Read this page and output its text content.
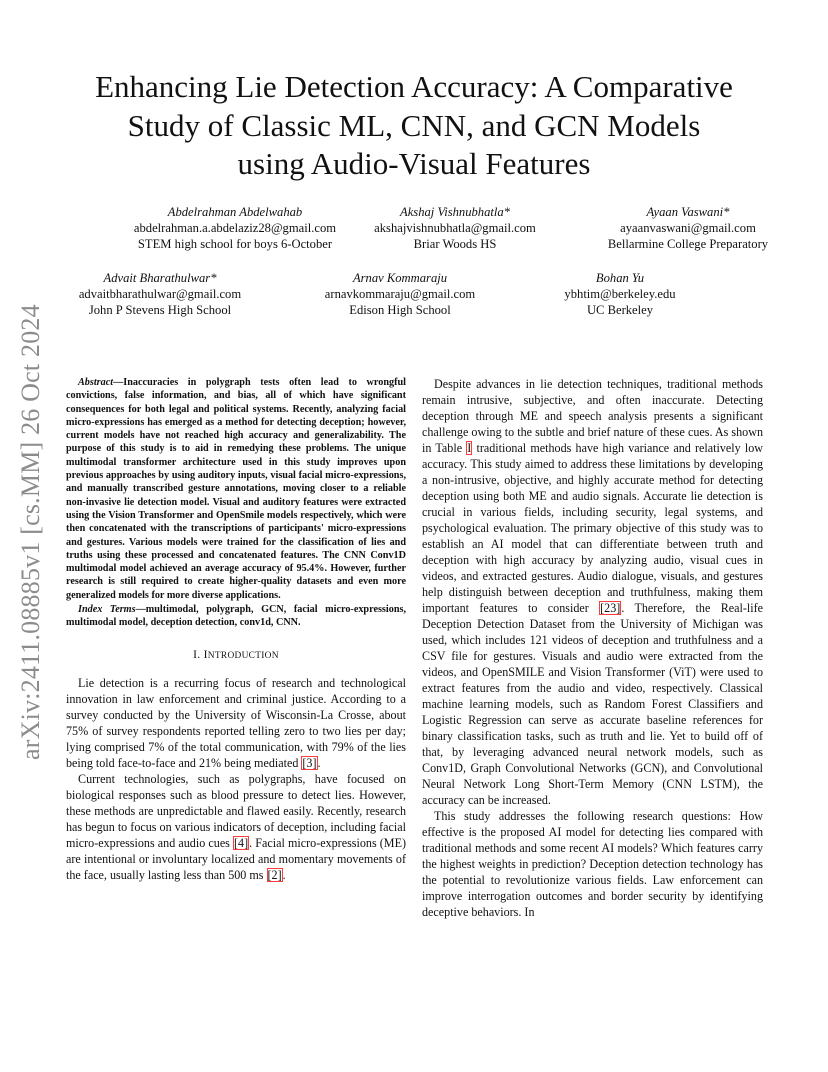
arXiv:2411.08885v1 [cs.MM] 26 Oct 2024
Enhancing Lie Detection Accuracy: A Comparative
Study of Classic ML, CNN, and GCN Models
using Audio-Visual Features
Abdelrahman Abdelwahab
abdelrahman.a.abdelaziz28@gmail.com
STEM high school for boys 6-October
Akshaj Vishnubhatla*
akshajvishnubhatla@gmail.com
Briar Woods HS
Ayaan Vaswani*
ayaanvaswani@gmail.com
Bellarmine College Preparatory
Advait Bharathulwar*
advaitbharathulwar@gmail.com
John P Stevens High School
Arnav Kommaraju
arnavkommaraju@gmail.com
Edison High School
Bohan Yu
ybhtim@berkeley.edu
UC Berkeley

Abstract—Inaccuracies in polygraph tests often lead to wrongful convictions, false information, and bias, all of which have significant consequences for both legal and political systems. Recently, analyzing facial micro-expressions has emerged as a method for detecting deception; however, current models have not reached high accuracy and generalizability. The purpose of this study is to aid in remedying these problems. The unique multimodal transformer architecture used in this study improves upon previous approaches by using auditory inputs, visual facial micro-expressions, and manually transcribed gesture annotations, moving closer to a reliable non-invasive lie detection model. Visual and auditory features were extracted using the Vision Transformer and OpenSmile models respectively, which were then concatenated with the transcriptions of participants' micro-expressions and gestures. Various models were trained for the classification of lies and truths using these processed and concatenated features. The CNN Conv1D multimodal model achieved an average accuracy of 95.4%. However, further research is still required to create higher-quality datasets and even more generalized models for more diverse applications.

Index Terms—multimodal, polygraph, GCN, facial micro-expressions, multimodal model, deception detection, conv1d, CNN.

I. INTRODUCTION

Lie detection is a recurring focus of research and technological innovation in law enforcement and criminal justice. According to a survey conducted by the University of Wisconsin-La Crosse, about 75% of survey respondents reported telling zero to two lies per day; lying comprised 7% of the total communication, with 79% of the lies being told face-to-face and 21% being mediated [3].

Current technologies, such as polygraphs, have focused on biological responses such as blood pressure to detect lies. However, these methods are unpredictable and flawed easily. Recently, research has begun to focus on various indicators of deception, including facial micro-expressions and audio cues [4]. Facial micro-expressions (ME) are intentional or involuntary localized and momentary movements of the face, usually lasting less than 500 ms [2].

Despite advances in lie detection techniques, traditional methods remain intrusive, subjective, and often inaccurate. Detecting deception through ME and speech analysis presents a significant challenge owing to the subtle and brief nature of these cues. As shown in Table I traditional methods have high variance and relatively low accuracy. This study aimed to address these limitations by developing a non-intrusive, objective, and highly accurate method for detecting deception using both ME and audio signals. Accurate lie detection is crucial in various fields, including security, legal systems, and psychological evaluation. The primary objective of this study was to establish an AI model that can differentiate between truth and deception with high accuracy by analyzing audio, visual cues in videos, and extracted gestures. Audio dialogue, visuals, and gestures help distinguish between deception and truthfulness, making them important features to consider [23]. Therefore, the Real-life Deception Detection Dataset from the University of Michigan was used, which includes 121 videos of deception and truthfulness and a CSV file for gestures. Visuals and audio were extracted from the videos, and OpenSMILE and Vision Transformer (ViT) were used to extract features from the audio and video, respectively. Classical machine learning models, such as Random Forest Classifiers and Logistic Regression can serve as accurate baseline references for binary classification tasks, such as truth and lie. Yet to build off of that, by leveraging advanced neural network models, such as Conv1D, Graph Convolutional Networks (GCN), and Convolutional Neural Network Long Short-Term Memory (CNN LSTM), the accuracy can be increased.

This study addresses the following research questions: How effective is the proposed AI model for detecting lies compared with traditional methods and some recent AI models? Which features carry the highest weights in prediction? Deception detection technology has the potential to revolutionize various fields. Law enforcement can improve interrogation outcomes and border security by identifying deceptive behaviors. In
